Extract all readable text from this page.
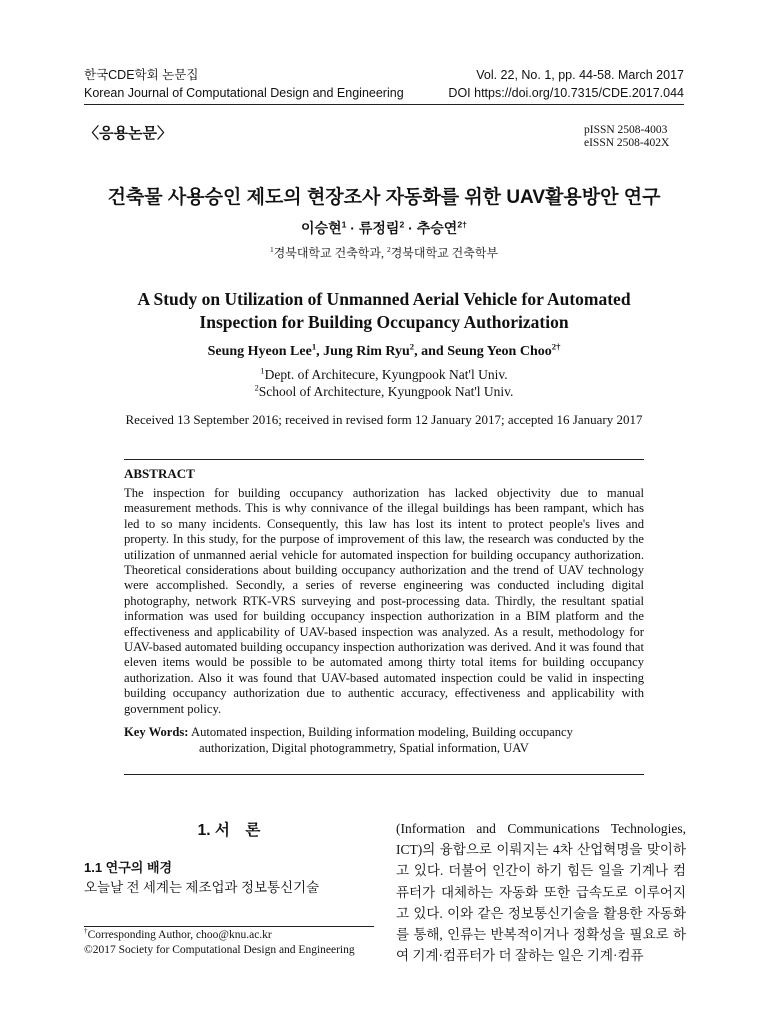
한국CDE학회 논문집
Korean Journal of Computational Design and Engineering
Vol. 22, No. 1, pp. 44-58. March 2017
DOI https://doi.org/10.7315/CDE.2017.044
〈응용논문〉	pISSN 2508-4003
eISSN 2508-402X
건축물 사용승인 제도의 현장조사 자동화를 위한 UAV활용방안 연구
이승현$^1$ · 류정림$^2$ · 추승연$^{2\dagger}$
$^1$경북대학교 건축학과, $^2$경북대학교 건축학부
A Study on Utilization of Unmanned Aerial Vehicle for Automated
Inspection for Building Occupancy Authorization
Seung Hyeon Lee$^1$, Jung Rim Ryu$^2$, and Seung Yeon Choo$^{2\dagger}$
$^1$Dept. of Architecure, Kyungpook Nat'l Univ.
$^2$School of Architecture, Kyungpook Nat'l Univ.
Received 13 September 2016; received in revised form 12 January 2017; accepted 16 January 2017

ABSTRACT

The inspection for building occupancy authorization has lacked objectivity due to manual measurement methods. This is why connivance of the illegal buildings has been rampant, which has led to so many incidents. Consequently, this law has lost its intent to protect people's lives and property. In this study, for the purpose of improvement of this law, the research was conducted by the utilization of unmanned aerial vehicle for automated inspection for building occupancy authorization. Theoretical considerations about building occupancy authorization and the trend of UAV technology were accomplished. Secondly, a series of reverse engineering was conducted including digital photography, network RTK-VRS surveying and post-processing data. Thirdly, the resultant spatial information was used for building occupancy inspection authorization in a BIM platform and the effectiveness and applicability of UAV-based inspection was analyzed. As a result, methodology for UAV-based automated building occupancy inspection authorization was derived. And it was found that eleven items would be possible to be automated among thirty total items for building occupancy authorization. Also it was found that UAV-based automated inspection could be valid in inspecting building occupancy authorization due to authentic accuracy, effectiveness and applicability with government policy.

Key Words: Automated inspection, Building information modeling, Building occupancy authorization, Digital photogrammetry, Spatial information, UAV
1. 서　론
1.1 연구의 배경
오늘날 전 세계는 제조업과 정보통신기술
†Corresponding Author, choo@knu.ac.kr
©2017 Society for Computational Design and Engineering
(Information and Communications Technologies, ICT)의 융합으로 이뤄지는 4차 산업혁명을 맞이하고 있다. 더불어 인간이 하기 힘든 일을 기계나 컴퓨터가 대체하는 자동화 또한 급속도로 이루어지고 있다. 이와 같은 정보통신기술을 활용한 자동화를 통해, 인류는 반복적이거나 정확성을 필요로 하여 기계·컴퓨터가 더 잘하는 일은 기계·컴퓨
